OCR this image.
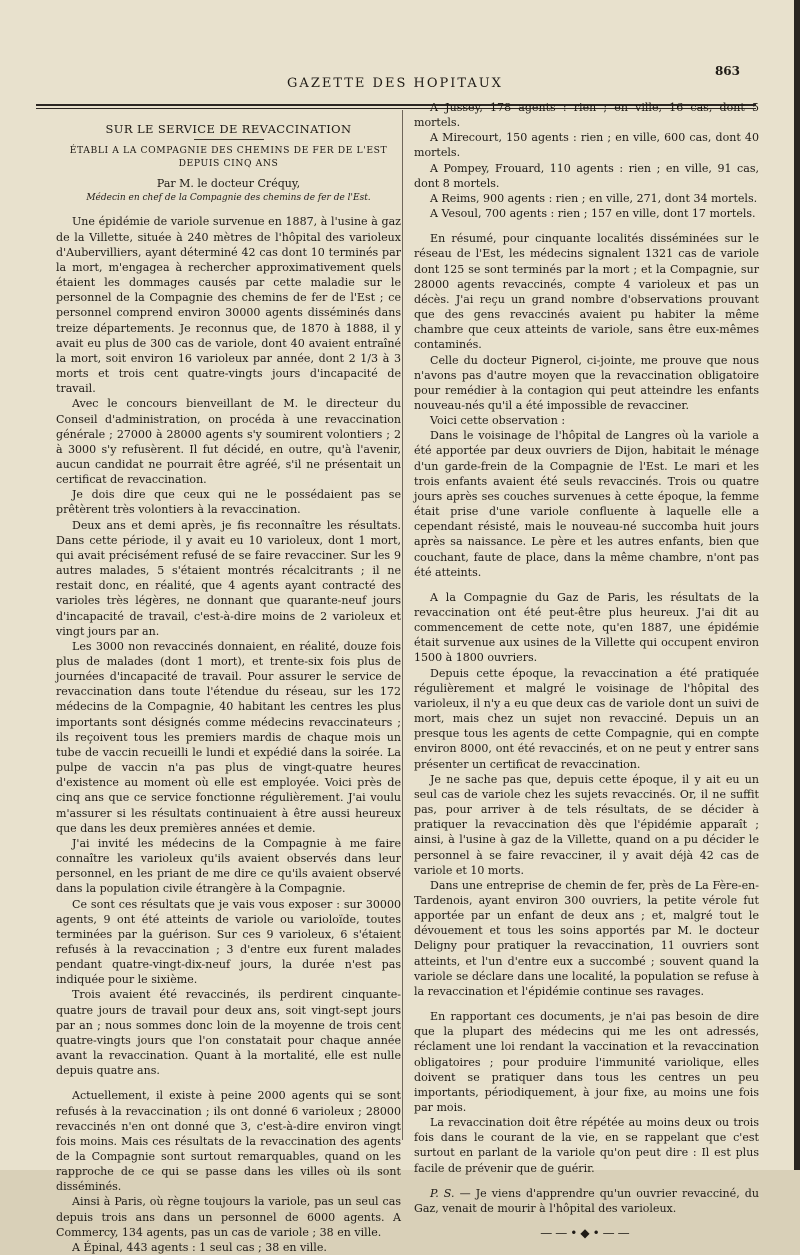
863
GAZETTE DES HOPITAUX
SUR LE SERVICE DE REVACCINATION
ÉTABLI A LA COMPAGNIE DES CHEMINS DE FER DE L'EST DEPUIS CINQ ANS
Par M. le docteur Créquy,
Médecin en chef de la Compagnie des chemins de fer de l'Est.

Une épidémie de variole survenue en 1887, à l'usine à gaz de la Villette, située à 240 mètres de l'hôpital des varioleux d'Aubervilliers, ayant déterminé 42 cas dont 10 terminés par la mort, m'engagea à rechercher approximativement quels étaient les dommages causés par cette maladie sur le personnel de la Compagnie des chemins de fer de l'Est ; ce personnel comprend environ 30000 agents disséminés dans treize départements. Je reconnus que, de 1870 à 1888, il y avait eu plus de 300 cas de variole, dont 40 avaient entraîné la mort, soit environ 16 varioleux par année, dont 2 1/3 à 3 morts et trois cent quatre-vingts jours d'incapacité de travail.

Avec le concours bienveillant de M. le directeur du Conseil d'administration, on procéda à une revaccination générale ; 27000 à 28000 agents s'y soumirent volontiers ; 2 à 3000 s'y refusèrent. Il fut décidé, en outre, qu'à l'avenir, aucun candidat ne pourrait être agréé, s'il ne présentait un certificat de revaccination.

Je dois dire que ceux qui ne le possédaient pas se prêtèrent très volontiers à la revaccination.

Deux ans et demi après, je fis reconnaître les résultats. Dans cette période, il y avait eu 10 varioleux, dont 1 mort, qui avait précisément refusé de se faire revacciner. Sur les 9 autres malades, 5 s'étaient montrés récalcitrants ; il ne restait donc, en réalité, que 4 agents ayant contracté des varioles très légères, ne donnant que quarante-neuf jours d'incapacité de travail, c'est-à-dire moins de 2 varioleux et vingt jours par an.

Les 3000 non revaccinés donnaient, en réalité, douze fois plus de malades (dont 1 mort), et trente-six fois plus de journées d'incapacité de travail. Pour assurer le service de revaccination dans toute l'étendue du réseau, sur les 172 médecins de la Compagnie, 40 habitant les centres les plus importants sont désignés comme médecins revaccinateurs ; ils reçoivent tous les premiers mardis de chaque mois un tube de vaccin recueilli le lundi et expédié dans la soirée. La pulpe de vaccin n'a pas plus de vingt-quatre heures d'existence au moment où elle est employée. Voici près de cinq ans que ce service fonctionne régulièrement. J'ai voulu m'assurer si les résultats continuaient à être aussi heureux que dans les deux premières années et demie.

J'ai invité les médecins de la Compagnie à me faire connaître les varioleux qu'ils avaient observés dans leur personnel, en les priant de me dire ce qu'ils avaient observé dans la population civile étrangère à la Compagnie.

Ce sont ces résultats que je vais vous exposer : sur 30000 agents, 9 ont été atteints de variole ou varioloïde, toutes terminées par la guérison. Sur ces 9 varioleux, 6 s'étaient refusés à la revaccination ; 3 d'entre eux furent malades pendant quatre-vingt-dix-neuf jours, la durée n'est pas indiquée pour le sixième.

Trois avaient été revaccinés, ils perdirent cinquante-quatre jours de travail pour deux ans, soit vingt-sept jours par an ; nous sommes donc loin de la moyenne de trois cent quatre-vingts jours que l'on constatait pour chaque année avant la revaccination. Quant à la mortalité, elle est nulle depuis quatre ans.

Actuellement, il existe à peine 2000 agents qui se sont refusés à la revaccination ; ils ont donné 6 varioleux ; 28000 revaccinés n'en ont donné que 3, c'est-à-dire environ vingt fois moins. Mais ces résultats de la revaccination des agents de la Compagnie sont surtout remarquables, quand on les rapproche de ce qui se passe dans les villes où ils sont disséminés.

Ainsi à Paris, où règne toujours la variole, pas un seul cas depuis trois ans dans un personnel de 6000 agents. A Commercy, 134 agents, pas un cas de variole ; 38 en ville.

A Épinal, 443 agents : 1 seul cas ; 38 en ville.

A Jussey, 178 agents : rien ; en ville, 16 cas, dont 5 mortels.

A Mirecourt, 150 agents : rien ; en ville, 600 cas, dont 40 mortels.

A Pompey, Frouard, 110 agents : rien ; en ville, 91 cas, dont 8 mortels.

A Reims, 900 agents : rien ; en ville, 271, dont 34 mortels.

A Vesoul, 700 agents : rien ; 157 en ville, dont 17 mortels.

En résumé, pour cinquante localités disséminées sur le réseau de l'Est, les médecins signalent 1321 cas de variole dont 125 se sont terminés par la mort ; et la Compagnie, sur 28000 agents revaccinés, compte 4 varioleux et pas un décès. J'ai reçu un grand nombre d'observations prouvant que des gens revaccinés avaient pu habiter la même chambre que ceux atteints de variole, sans être eux-mêmes contaminés.

Celle du docteur Pignerol, ci-jointe, me prouve que nous n'avons pas d'autre moyen que la revaccination obligatoire pour remédier à la contagion qui peut atteindre les enfants nouveau-nés qu'il a été impossible de revacciner.

Voici cette observation :

Dans le voisinage de l'hôpital de Langres où la variole a été apportée par deux ouvriers de Dijon, habitait le ménage d'un garde-frein de la Compagnie de l'Est. Le mari et les trois enfants avaient été seuls revaccinés. Trois ou quatre jours après ses couches survenues à cette époque, la femme était prise d'une variole confluente à laquelle elle a cependant résisté, mais le nouveau-né succomba huit jours après sa naissance. Le père et les autres enfants, bien que couchant, faute de place, dans la même chambre, n'ont pas été atteints.

A la Compagnie du Gaz de Paris, les résultats de la revaccination ont été peut-être plus heureux. J'ai dit au commencement de cette note, qu'en 1887, une épidémie était survenue aux usines de la Villette qui occupent environ 1500 à 1800 ouvriers.

Depuis cette époque, la revaccination a été pratiquée régulièrement et malgré le voisinage de l'hôpital des varioleux, il n'y a eu que deux cas de variole dont un suivi de mort, mais chez un sujet non revacciné. Depuis un an presque tous les agents de cette Compagnie, qui en compte environ 8000, ont été revaccinés, et on ne peut y entrer sans présenter un certificat de revaccination.

Je ne sache pas que, depuis cette époque, il y ait eu un seul cas de variole chez les sujets revaccinés. Or, il ne suffit pas, pour arriver à de tels résultats, de se décider à pratiquer la revaccination dès que l'épidémie apparaît ; ainsi, à l'usine à gaz de la Villette, quand on a pu décider le personnel à se faire revacciner, il y avait déjà 42 cas de variole et 10 morts.

Dans une entreprise de chemin de fer, près de La Fère-en-Tardenois, ayant environ 300 ouvriers, la petite vérole fut apportée par un enfant de deux ans ; et, malgré tout le dévouement et tous les soins apportés par M. le docteur Deligny pour pratiquer la revaccination, 11 ouvriers sont atteints, et l'un d'entre eux a succombé ; souvent quand la variole se déclare dans une localité, la population se refuse à la revaccination et l'épidémie continue ses ravages.

En rapportant ces documents, je n'ai pas besoin de dire que la plupart des médecins qui me les ont adressés, réclament une loi rendant la vaccination et la revaccination obligatoires ; pour produire l'immunité variolique, elles doivent se pratiquer dans tous les centres un peu importants, périodiquement, à jour fixe, au moins une fois par mois.

La revaccination doit être répétée au moins deux ou trois fois dans le courant de la vie, en se rappelant que c'est surtout en parlant de la variole qu'on peut dire : Il est plus facile de prévenir que de guérir.

P. S. — Je viens d'apprendre qu'un ouvrier revacciné, du Gaz, venait de mourir à l'hôpital des varioleux.

——•◆•——
